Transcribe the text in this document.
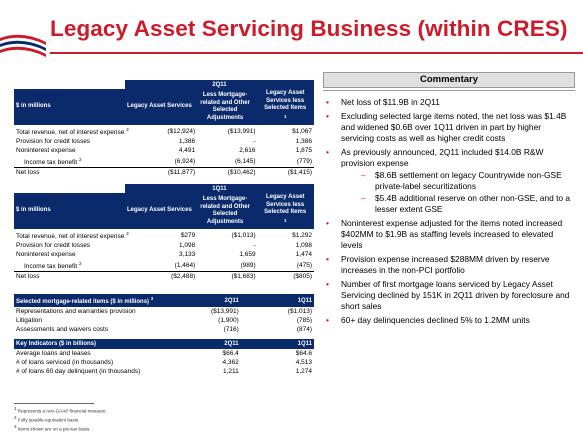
Legacy Asset Servicing Business (within CRES)
	2Q11		
$ in millions	Legacy Asset Services	Less Mortgage-related and Other Selected Adjustments	Legacy Asset Services less Selected Items
$^1$
Total revenue, net of interest expense $^2$	($12,924)	($13,991)	$1,067
Provision for credit losses	1,386	-	1,386
Noninterest expense	4,491	2,616	1,875
Income tax benefit $^2$	(6,924)	(6,145)	(779)
Net loss	($11,877)	($10,462)	($1,415)
	1Q11		
$ in millions	Legacy Asset Services	Less Mortgage-related and Other Selected Adjustments	Legacy Asset Services less Selected Items
$^1$
Total revenue, net of interest expense $^2$	$279	($1,013)	$1,292
Provision for credit losses	1,098	-	1,098
Noninterest expense	3,133	1,659	1,474
Income tax benefit $^2$	(1,464)	(989)	(475)
Net loss	($2,488)	($1,683)	($805)
Selected mortgage-related items ($ in millions) $^3$	2Q11	1Q11
Representations and warranties provision	($13,991)	($1,013)
Litigation	(1,900)	(785)
Assessments and waivers costs	(716)	(874)
Key Indicators ($ in billions)	2Q11	1Q11
Average loans and leases	$66.4	$64.6
# of loans serviced (in thousands)	4,362	4,513
# of loans 60 day delinquent (in thousands)	1,211	1,274
Commentary
• Net loss of $11.9B in 2Q11
• Excluding selected large items noted, the net loss was $1.4B and widened $0.6B over 1Q11 driven in part by higher servicing costs as well as higher credit costs
• As previously announced, 2Q11 included $14.0B R&W provision expense
– $8.6B settlement on legacy Countrywide non-GSE private-label securitizations
– $5.4B additional reserve on other non-GSE, and to a lesser extent GSE
• Noninterest expense adjusted for the items noted increased $402MM to $1.9B as staffing levels increased to elevated levels
• Provision expense increased $288MM driven by reserve increases in the non-PCI portfolio
• Number of first mortgage loans serviced by Legacy Asset Servicing declined by 151K in 2Q11 driven by foreclosure and short sales
• 60+ day delinquencies declined 5% to 1.2MM units
$^1$ Represents a non-GAAP financial measure.
$^2$ Fully taxable-equivalent basis.
$^3$ Items shown are on a pre-tax basis. .
